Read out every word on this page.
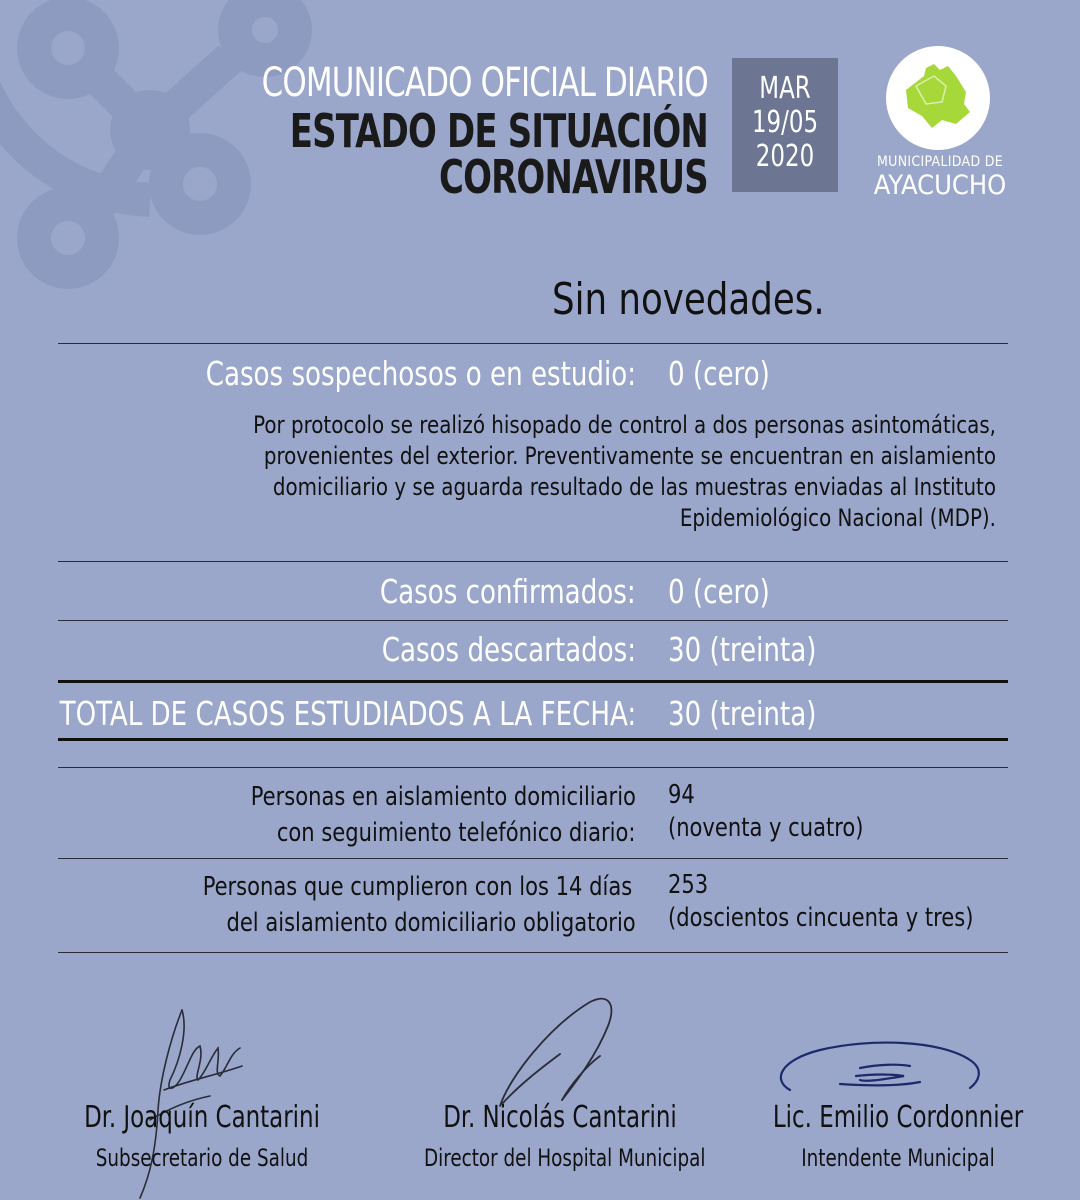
COMUNICADO OFICIAL DIARIO
ESTADO DE SITUACIÓN
CORONAVIRUS
MAR
19/05
2020	MUNICIPALIDAD DE
AYACUCHO
Sin novedades.
Casos sospechosos o en estudio: 0 (cero)
Por protocolo se realizó hisopado de control a dos personas asintomáticas,
provenientes del exterior. Preventivamente se encuentran en aislamiento
domiciliario y se aguarda resultado de las muestras enviadas al Instituto
Epidemiológico Nacional (MDP).
Casos confirmados: 0 (cero)
Casos descartados: 30 (treinta)
TOTAL DE CASOS ESTUDIADOS A LA FECHA: 30 (treinta)
Personas en aislamiento domiciliario
con seguimiento telefónico diario:
94
(noventa y cuatro)
Personas que cumplieron con los 14 días
del aislamiento domiciliario obligatorio
253
(doscientos cincuenta y tres)
Dr. Joaquín Cantarini
Subsecretario de Salud
Dr. Nicolás Cantarini
Director del Hospital Municipal
Lic. Emilio Cordonnier
Intendente Municipal
